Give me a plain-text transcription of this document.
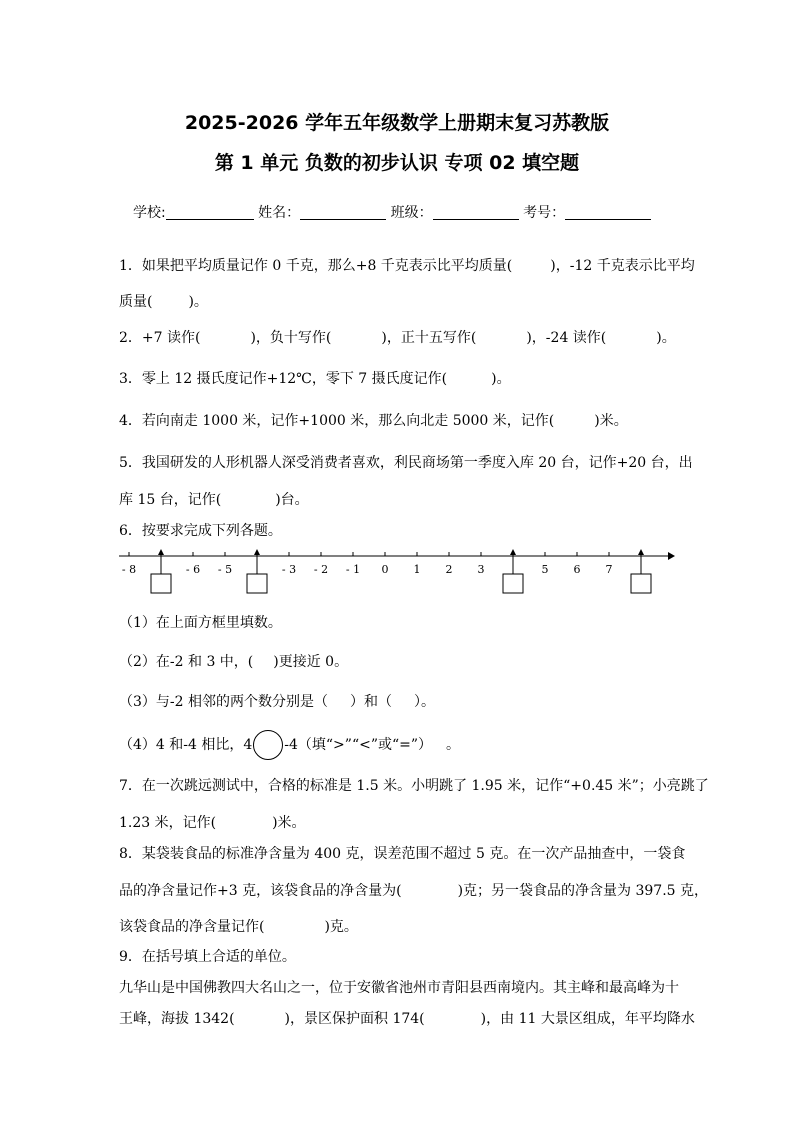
2025-2026 学年五年级数学上册期末复习苏教版
第 1 单元 负数的初步认识 专项 02 填空题
学校:	姓名：	班级：	考号：
1．如果把平均质量记作 0 千克，那么+8 千克表示比平均质量(	)，-12 千克表示比平均
质量(	)。
2．+7 读作(	)，负十写作(	)，正十五写作(	)，-24 读作(	)。
3．零上 12 摄氏度记作+12℃，零下 7 摄氏度记作(	)。
4．若向南走 1000 米，记作+1000 米，那么向北走 5000 米，记作(	)米。
5．我国研发的人形机器人深受消费者喜欢，利民商场第一季度入库 20 台，记作+20 台，出
库 15 台，记作(	)台。
6．按要求完成下列各题。
- 8	- 6 - 5	- 3 - 2 - 1 0 1 2 3	5 6 7
（1）在上面方框里填数。
（2）在-2 和 3 中，( )更接近 0。
（3）与-2 相邻的两个数分别是（ ）和（ ）。
（4）4 和-4 相比，4 -4（填“>”“<”或“=”） 。
7．在一次跳远测试中，合格的标准是 1.5 米。小明跳了 1.95 米，记作“+0.45 米”；小亮跳了
1.23 米，记作(	)米。
8．某袋装食品的标准净含量为 400 克，误差范围不超过 5 克。在一次产品抽查中，一袋食
品的净含量记作+3 克，该袋食品的净含量为(	)克；另一袋食品的净含量为 397.5 克，
该袋食品的净含量记作(	)克。
9．在括号填上合适的单位。
九华山是中国佛教四大名山之一，位于安徽省池州市青阳县西南境内。其主峰和最高峰为十
王峰，海拔 1342(	)，景区保护面积 174(	)，由 11 大景区组成，年平均降水
